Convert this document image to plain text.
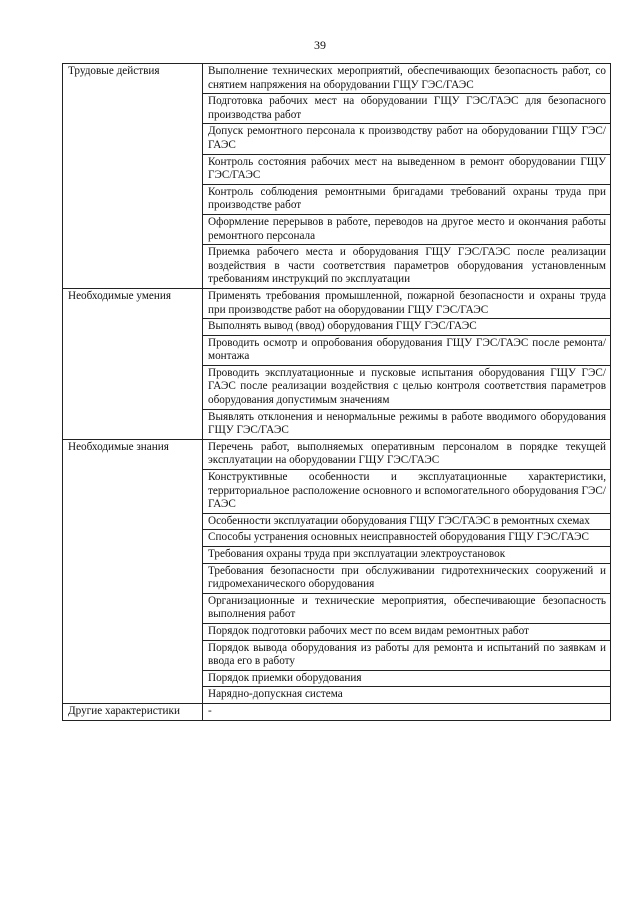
39
Трудовые действия	Выполнение технических мероприятий, обеспечивающих безопасность работ, со снятием напряжения на оборудовании ГЩУ ГЭС/ГАЭС
	Подготовка рабочих мест на оборудовании ГЩУ ГЭС/ГАЭС для безопасного производства работ
	Допуск ремонтного персонала к производству работ на оборудовании ГЩУ ГЭС/ГАЭС
	Контроль состояния рабочих мест на выведенном в ремонт оборудовании ГЩУ ГЭС/ГАЭС
	Контроль соблюдения ремонтными бригадами требований охраны труда при производстве работ
	Оформление перерывов в работе, переводов на другое место и окончания работы ремонтного персонала
	Приемка рабочего места и оборудования ГЩУ ГЭС/ГАЭС после реализации воздействия в части соответствия параметров оборудования установленным требованиям инструкций по эксплуатации
Необходимые умения	Применять требования промышленной, пожарной безопасности и охраны труда при производстве работ на оборудовании ГЩУ ГЭС/ГАЭС
	Выполнять вывод (ввод) оборудования ГЩУ ГЭС/ГАЭС
	Проводить осмотр и опробования оборудования ГЩУ ГЭС/ГАЭС после ремонта/монтажа
	Проводить эксплуатационные и пусковые испытания оборудования ГЩУ ГЭС/ГАЭС после реализации воздействия с целью контроля соответствия параметров оборудования допустимым значениям
	Выявлять отклонения и ненормальные режимы в работе вводимого оборудования ГЩУ ГЭС/ГАЭС
Необходимые знания	Перечень работ, выполняемых оперативным персоналом в порядке текущей эксплуатации на оборудовании ГЩУ ГЭС/ГАЭС
	Конструктивные особенности и эксплуатационные характеристики, территориальное расположение основного и вспомогательного оборудования ГЭС/ГАЭС
	Особенности эксплуатации оборудования ГЩУ ГЭС/ГАЭС в ремонтных схемах
	Способы устранения основных неисправностей оборудования ГЩУ ГЭС/ГАЭС
	Требования охраны труда при эксплуатации электроустановок
	Требования безопасности при обслуживании гидротехнических сооружений и гидромеханического оборудования
	Организационные и технические мероприятия, обеспечивающие безопасность выполнения работ
	Порядок подготовки рабочих мест по всем видам ремонтных работ
	Порядок вывода оборудования из работы для ремонта и испытаний по заявкам и ввода его в работу
	Порядок приемки оборудования
	Нарядно-допускная система
Другие характеристики	-
